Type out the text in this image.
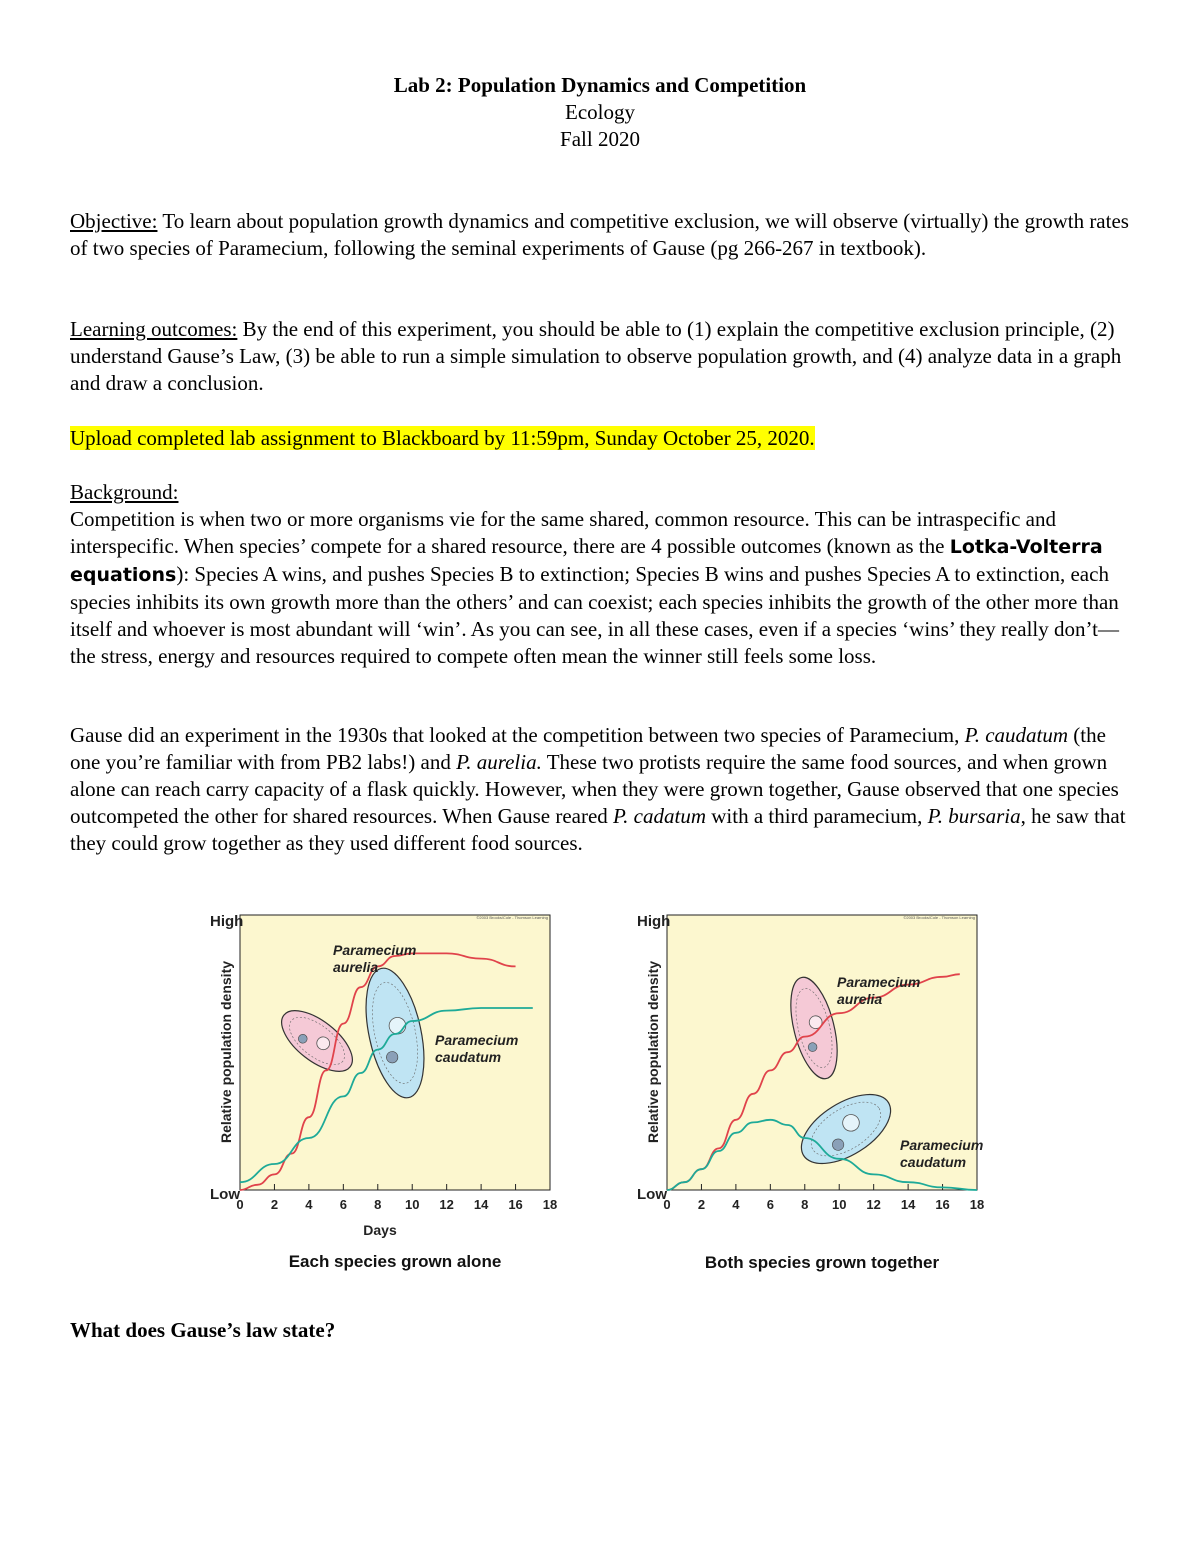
Lab 2: Population Dynamics and Competition
Ecology
Fall 2020

Objective: To learn about population growth dynamics and competitive exclusion, we will observe (virtually) the growth rates of two species of Paramecium, following the seminal experiments of Gause (pg 266-267 in textbook).

Learning outcomes: By the end of this experiment, you should be able to (1) explain the competitive exclusion principle, (2) understand Gause’s Law, (3) be able to run a simple simulation to observe population growth, and (4) analyze data in a graph and draw a conclusion.

Upload completed lab assignment to Blackboard by 11:59pm, Sunday October 25, 2020.

Background:

Competition is when two or more organisms vie for the same shared, common resource. This can be intraspecific and interspecific. When species’ compete for a shared resource, there are 4 possible outcomes (known as the Lotka-Volterra equations): Species A wins, and pushes Species B to extinction; Species B wins and pushes Species A to extinction, each species inhibits its own growth more than the others’ and can coexist; each species inhibits the growth of the other more than itself and whoever is most abundant will ‘win’. As you can see, in all these cases, even if a species ‘wins’ they really don’t—the stress, energy and resources required to compete often mean the winner still feels some loss.

Gause did an experiment in the 1930s that looked at the competition between two species of Paramecium, P. caudatum (the one you’re familiar with from PB2 labs!) and P. aurelia. These two protists require the same food sources, and when grown alone can reach carry capacity of a flask quickly. However, when they were grown together, Gause observed that one species outcompeted the other for shared resources. When Gause reared P. cadatum with a third paramecium, P. bursaria, he saw that they could grow together as they used different food sources.

©2003 Brooks/Cole - Thomson Learning
High
Low
Relative population density
0 2 4 6 8 10 12 14 16 18
Paramecium
aurelia
Paramecium
caudatum
Days
Each species grown alone
©2003 Brooks/Cole - Thomson Learning
High
Low
Relative population density
0 2 4 6 8 10 12 14 16 18
Paramecium
aurelia
Paramecium
caudatum
Both species grown together
What does Gause’s law state?
